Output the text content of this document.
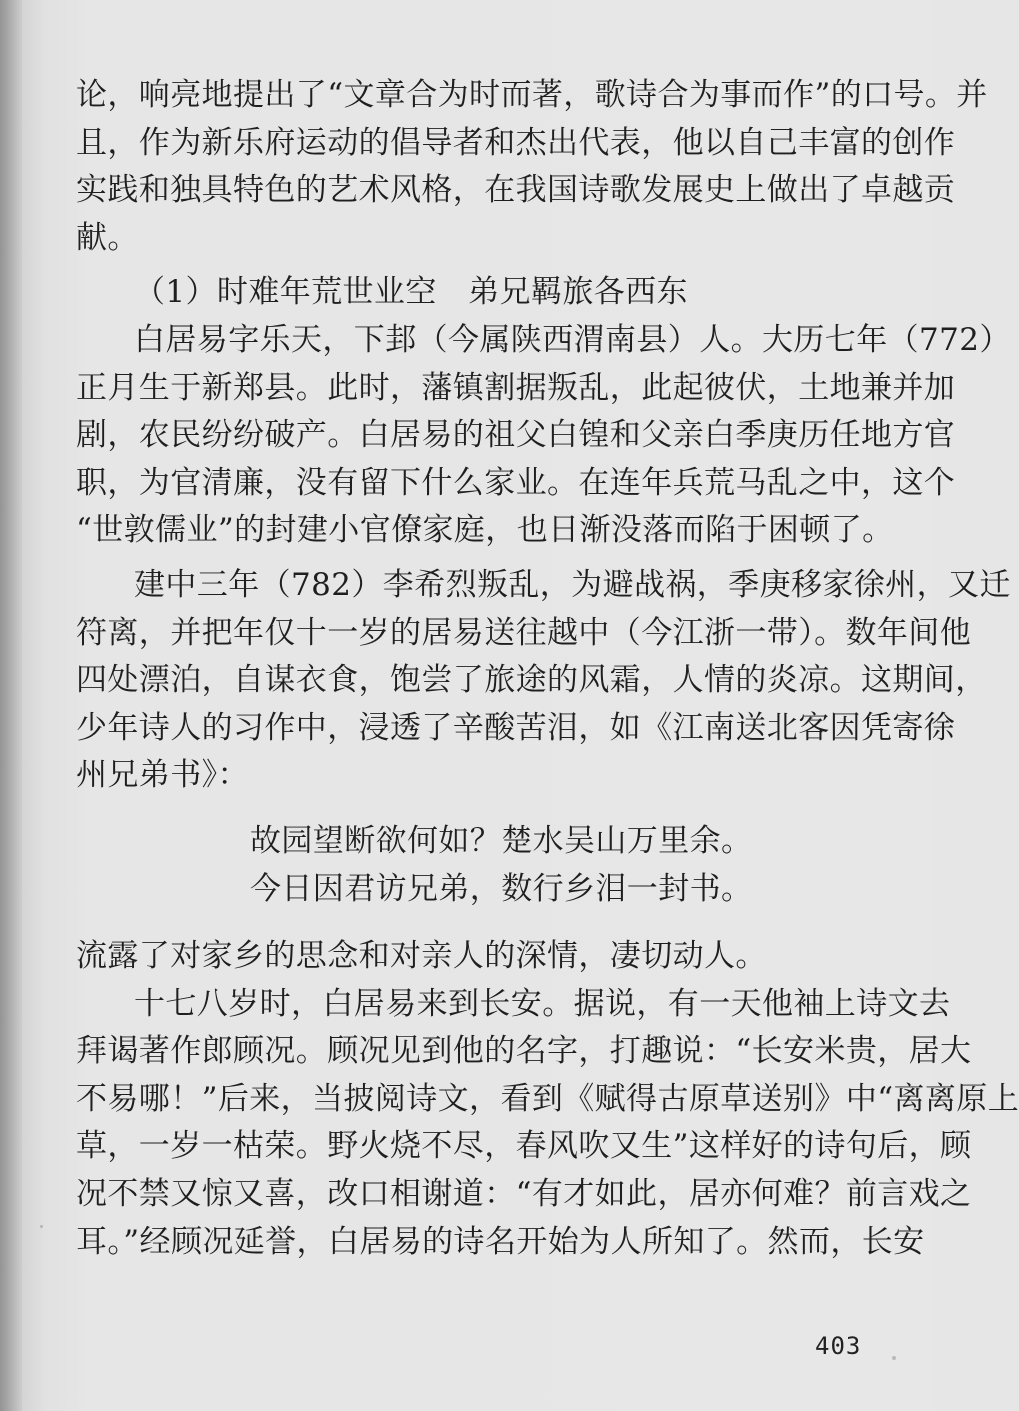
论，响亮地提出了“文章合为时而著，歌诗合为事而作”的口号。并
且，作为新乐府运动的倡导者和杰出代表，他以自己丰富的创作
实践和独具特色的艺术风格，在我国诗歌发展史上做出了卓越贡
献。
（1）时难年荒世业空　弟兄羁旅各西东
白居易字乐天，下邽（今属陕西渭南县）人。大历七年（772）
正月生于新郑县。此时，藩镇割据叛乱，此起彼伏，土地兼并加
剧，农民纷纷破产。白居易的祖父白锽和父亲白季庚历任地方官
职，为官清廉，没有留下什么家业。在连年兵荒马乱之中，这个
“世敦儒业”的封建小官僚家庭，也日渐没落而陷于困顿了。
建中三年（782）李希烈叛乱，为避战祸，季庚移家徐州，又迁
符离，并把年仅十一岁的居易送往越中（今江浙一带）。数年间他
四处漂泊，自谋衣食，饱尝了旅途的风霜，人情的炎凉。这期间，
少年诗人的习作中，浸透了辛酸苦泪，如《江南送北客因凭寄徐
州兄弟书》：
故园望断欲何如？楚水吴山万里余。
今日因君访兄弟，数行乡泪一封书。
流露了对家乡的思念和对亲人的深情，凄切动人。
十七八岁时，白居易来到长安。据说，有一天他袖上诗文去
拜谒著作郎顾况。顾况见到他的名字，打趣说：“长安米贵，居大
不易哪！”后来，当披阅诗文，看到《赋得古原草送别》中“离离原上
草，一岁一枯荣。野火烧不尽，春风吹又生”这样好的诗句后，顾
况不禁又惊又喜，改口相谢道：“有才如此，居亦何难？前言戏之
耳。”经顾况延誉，白居易的诗名开始为人所知了。然而，长安
403
